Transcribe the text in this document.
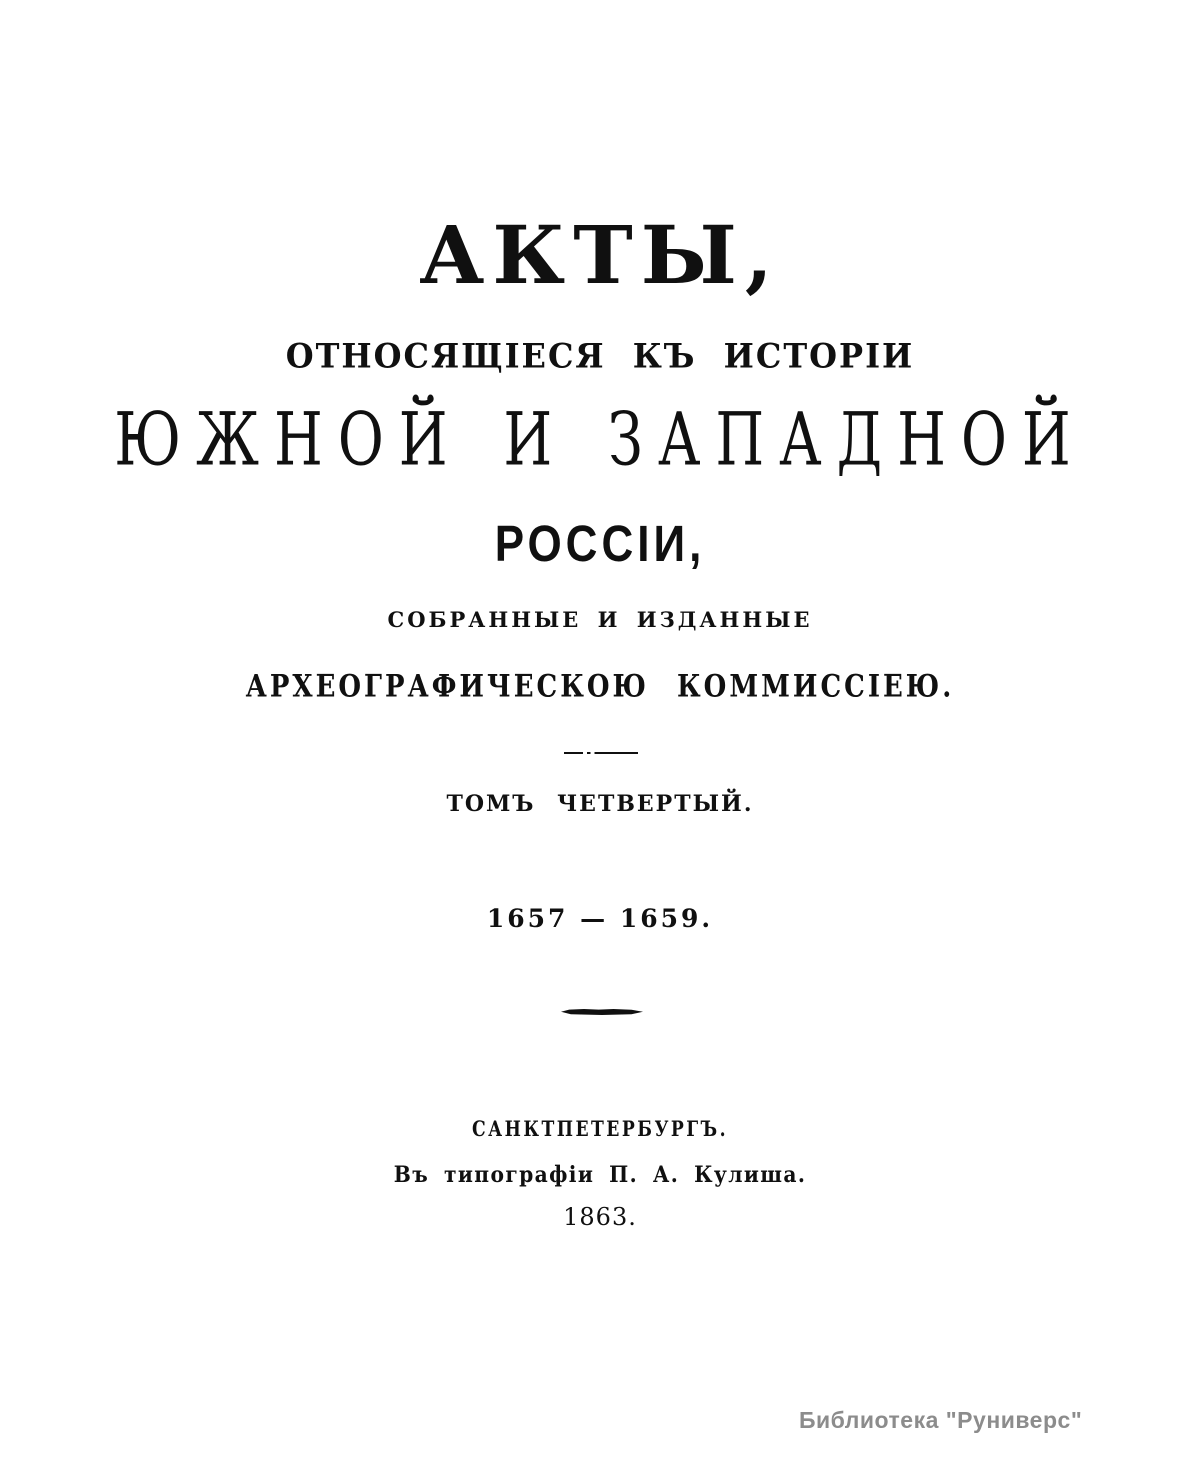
АКТЫ,
ОТНОСЯЩІЕСЯ КЪ ИСТОРІИ
ЮЖНОЙ И ЗАПАДНОЙ
РОССІИ,
СОБРАННЫЕ И ИЗДАННЫЕ
АРХЕОГРАФИЧЕСКОЮ КОММИССІЕЮ.
ТОМЪ ЧЕТВЕРТЫЙ.
1657 — 1659.
САНКТПЕТЕРБУРГЪ.
Въ типографіи П. А. Кулиша.
1863.
Библиотека "Руниверс"
